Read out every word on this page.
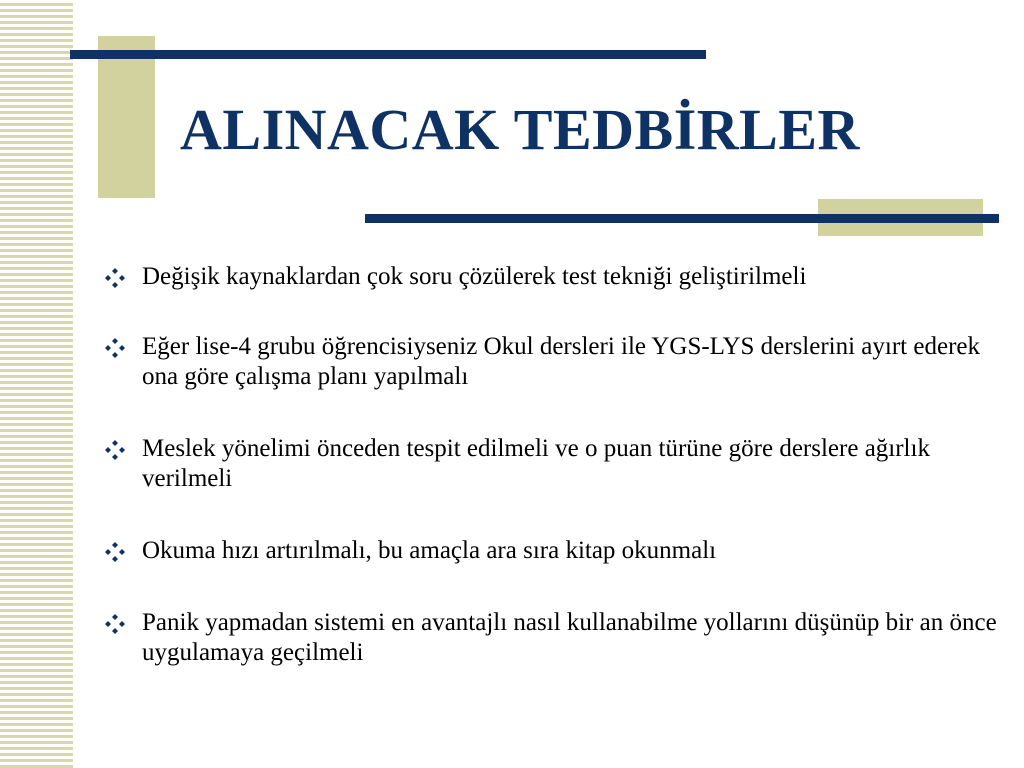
ALINACAK TEDBİRLER
Değişik kaynaklardan çok soru çözülerek test tekniği geliştirilmeli
Eğer lise-4 grubu öğrencisiyseniz Okul dersleri ile YGS-LYS derslerini ayırt ederek ona göre çalışma planı yapılmalı
Meslek yönelimi önceden tespit edilmeli ve o puan türüne göre derslere ağırlık verilmeli
Okuma hızı artırılmalı, bu amaçla ara sıra kitap okunmalı
Panik yapmadan sistemi en avantajlı nasıl kullanabilme yollarını düşünüp bir an önce uygulamaya geçilmeli
